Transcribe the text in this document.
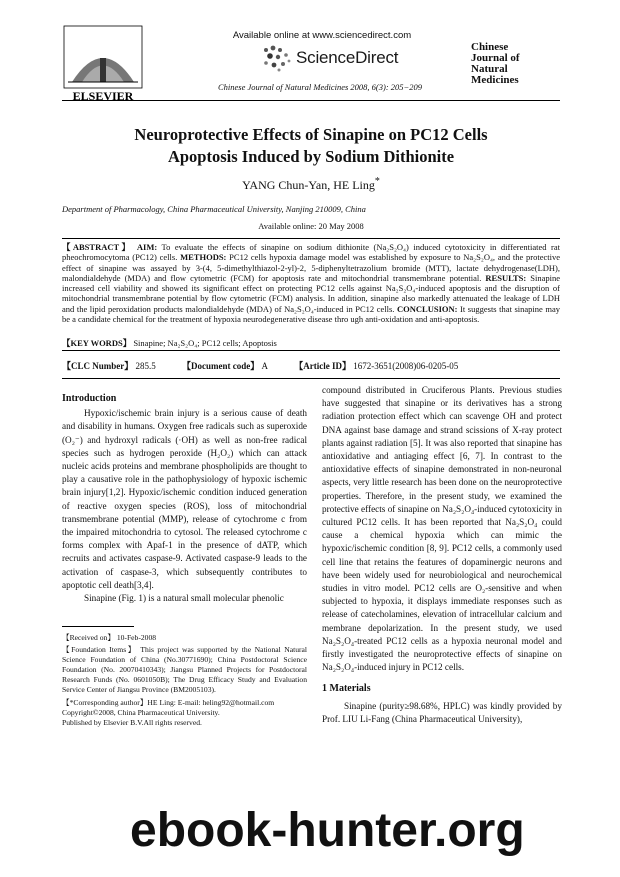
ELSEVIER
Available online at www.sciencedirect.com
ScienceDirect
Chinese Journal of Natural Medicines 2008, 6(3): 205−209
Chinese
Journal of
Natural
Medicines
Neuroprotective Effects of Sinapine on PC12 Cells
Apoptosis Induced by Sodium Dithionite
YANG Chun-Yan, HE Ling*
Department of Pharmacology, China Pharmaceutical University, Nanjing 210009, China
Available online: 20 May 2008
【ABSTRACT】 AIM: To evaluate the effects of sinapine on sodium dithionite (Na₂S₂O₄) induced cytotoxicity in differentiated rat pheochromocytoma (PC12) cells. METHODS: PC12 cells hypoxia damage model was established by exposure to Na₂S₂O₄, and the protective effect of sinapine was assayed by 3-(4, 5-dimethylthiazol-2-yl)-2, 5-diphenyltetrazolium bromide (MTT), lactate dehydrogenase(LDH), malondialdehyde (MDA) and flow cytometric (FCM) for apoptosis rate and mitochondrial transmembrane potential. RESULTS: Sinapine increased cell viability and showed its significant effect on protecting PC12 cells against Na₂S₂O₄-induced apoptosis and the disruption of mitochondrial transmembrane potential by flow cytometric (FCM) analysis. In addition, sinapine also markedly attenuated the leakage of LDH and the lipid peroxidation products malondialdehyde (MDA) of Na₂S₂O₄-induced in PC12 cells. CONCLUSION: It suggests that sinapine may be a candidate chemical for the treatment of hypoxia neurodegenerative disease thro ugh anti-oxidation and anti-apoptosis.
【KEY WORDS】 Sinapine; Na₂S₂O₄; PC12 cells; Apoptosis
【CLC Number】 285.5	【Document code】 A	【Article ID】 1672-3651(2008)06-0205-05
Introduction

Hypoxic/ischemic brain injury is a serious cause of death and disability in humans. Oxygen free radicals such as superoxide (O₂⁻) and hydroxyl radicals (·OH) as well as non-free radical species such as hydrogen peroxide (H₂O₂) which can attack nucleic acids proteins and membrane phospholipids are thought to play a causative role in the pathophysiology of hypoxic ischemic brain injury[1,2]. Hypoxic/ischemic condition induced generation of reactive oxygen species (ROS), loss of mitochondrial transmembrane potential (MMP), release of cytochrome c from the impaired mitochondria to cytosol. The released cytochrome c forms complex with Apaf-1 in the presence of dATP, which recruits and activates caspase-9. Activated caspase-9 leads to the activation of caspase-3, which subsequently contributes to apoptotic cell death[3,4].

Sinapine (Fig. 1) is a natural small molecular phenolic

compound distributed in Cruciferous Plants. Previous studies have suggested that sinapine or its derivatives has a strong radiation protection effect which can scavenge OH and protect DNA against base damage and strand scissions of X-ray protect plants against radiation [5]. It was also reported that sinapine has antioxidative and antiaging effect [6, 7]. In contrast to the antioxidative effects of sinapine demonstrated in non-neuronal aspects, very little research has been done on the neuroprotective properties. Therefore, in the present study, we examined the protective effects of sinapine on Na₂S₂O₄-induced cytotoxicity in cultured PC12 cells. It has been reported that Na₂S₂O₄ could cause a chemical hypoxia which can mimic the hypoxic/ischemic condition [8, 9]. PC12 cells, a commonly used cell line that retains the features of dopaminergic neurons and have been widely used for neurobiological and neurochemical studies in vitro model. PC12 cells are O₂-sensitive and when subjected to hypoxia, it displays immediate responses such as release of catecholamines, elevation of intracellular calcium and membrane depolarization. In the present study, we used Na₂S₂O₄-treated PC12 cells as a hypoxia neuronal model and firstly investigated the neuroprotective effects of sinapine on Na₂S₂O₄-induced injury in PC12 cells.

1 Materials

Sinapine (purity≥98.68%, HPLC) was kindly provided by Prof. LIU Li-Fang (China Pharmaceutical University),

【Received on】 10-Feb-2008

【Foundation Items】 This project was supported by the National Natural Science Foundation of China (No.30771690); China Postdoctoral Science Foundation (No. 20070410343); Jiangsu Planned Projects for Postdoctoral Research Funds (No. 0601050B); The Drug Efficacy Study and Evaluation Service Center of Jiangsu Province (BM2005103).

【*Corresponding author】HE Ling: E-mail: heling92@hotmail.com

Copyright©2008, China Pharmaceutical University.

Published by Elsevier B.V.All rights reserved.

ebook-hunter.org
